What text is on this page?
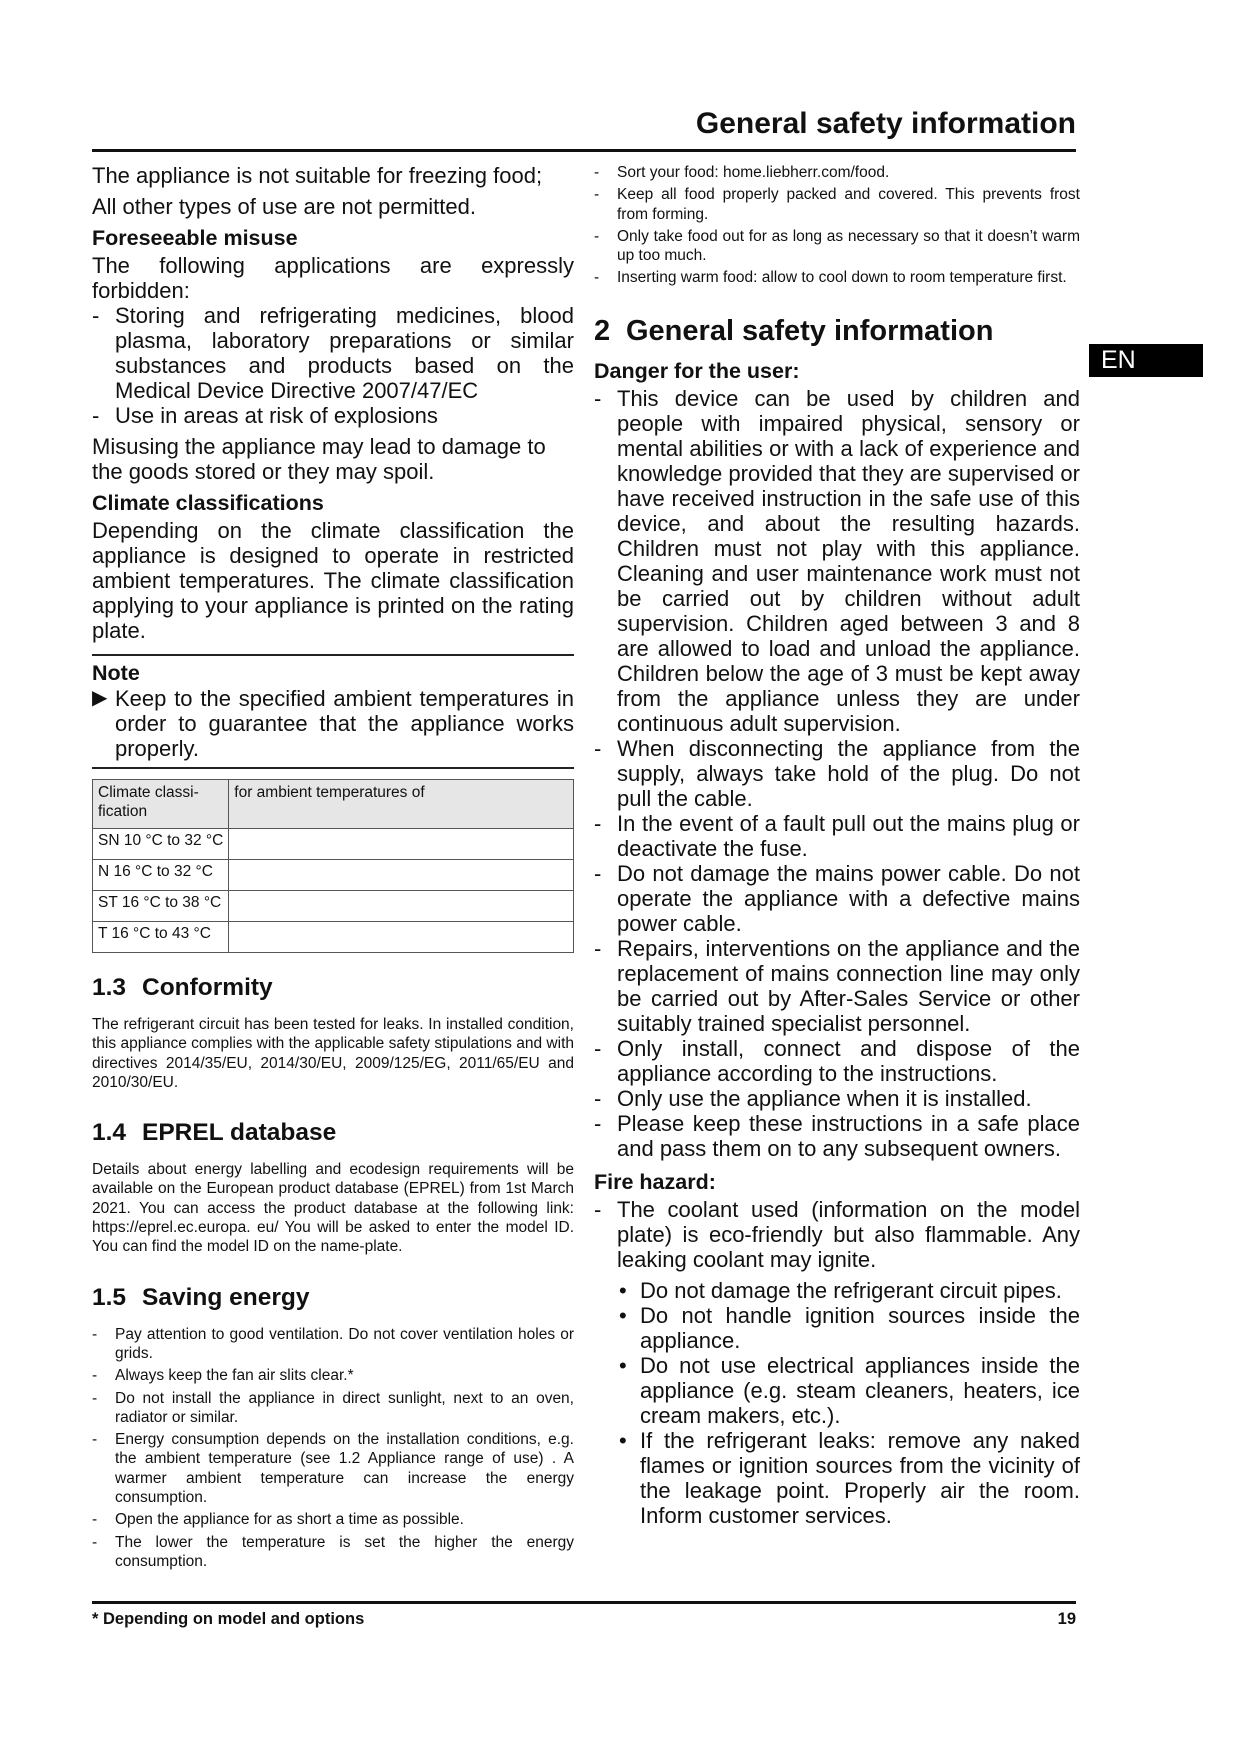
General safety information
EN

The appliance is not suitable for freezing food;

All other types of use are not permitted.

Foreseeable misuse

The following applications are expressly forbidden:

- Storing and refrigerating medicines, blood plasma, laboratory preparations or similar substances and products based on the Medical Device Directive 2007/47/EC
- Use in areas at risk of explosions

Misusing the appliance may lead to damage to the goods stored or they may spoil.

Climate classifications

Depending on the climate classification the appliance is designed to operate in restricted ambient temperatures. The climate classification applying to your appliance is printed on the rating plate.

Note
▶ Keep to the specified ambient temperatures in order to guarantee that the appliance works properly.
Climate classi- fication	for ambient temperatures of
SN 10 °C to 32 °C	
N 16 °C to 32 °C	
ST 16 °C to 38 °C	
T 16 °C to 43 °C	
1.3 Conformity

The refrigerant circuit has been tested for leaks. In installed condition, this appliance complies with the applicable safety stipulations and with directives 2014/35/EU, 2014/30/EU, 2009/125/EG, 2011/65/EU and 2010/30/EU.

1.4 EPREL database

Details about energy labelling and ecodesign requirements will be available on the European product database (EPREL) from 1st March 2021. You can access the product database at the following link: https://eprel.ec.europa. eu/ You will be asked to enter the model ID. You can find the model ID on the name-plate.

1.5 Saving energy
- Pay attention to good ventilation. Do not cover ventilation holes or grids.
- Always keep the fan air slits clear.*
- Do not install the appliance in direct sunlight, next to an oven, radiator or similar.
- Energy consumption depends on the installation conditions, e.g. the ambient temperature (see 1.2 Appliance range of use) . A warmer ambient temperature can increase the energy consumption.
- Open the appliance for as short a time as possible.
- The lower the temperature is set the higher the energy consumption.
- Sort your food: home.liebherr.com/food.
- Keep all food properly packed and covered. This prevents frost from forming.
- Only take food out for as long as necessary so that it doesn’t warm up too much.
- Inserting warm food: allow to cool down to room temperature first.
2 General safety information
Danger for the user:
- This device can be used by children and people with impaired physical, sensory or mental abilities or with a lack of experience and knowledge provided that they are supervised or have received instruction in the safe use of this device, and about the resulting hazards. Children must not play with this appliance. Cleaning and user maintenance work must not be carried out by children without adult supervision. Children aged between 3 and 8 are allowed to load and unload the appliance. Children below the age of 3 must be kept away from the appliance unless they are under continuous adult supervision.
- When disconnecting the appliance from the supply, always take hold of the plug. Do not pull the cable.
- In the event of a fault pull out the mains plug or deactivate the fuse.
- Do not damage the mains power cable. Do not operate the appliance with a defective mains power cable.
- Repairs, interventions on the appliance and the replacement of mains connection line may only be carried out by After-Sales Service or other suitably trained specialist personnel.
- Only install, connect and dispose of the appliance according to the instructions.
- Only use the appliance when it is installed.
- Please keep these instructions in a safe place and pass them on to any subsequent owners.
Fire hazard:
- The coolant used (information on the model plate) is eco-friendly but also flammable. Any leaking coolant may ignite.
• Do not damage the refrigerant circuit pipes.
• Do not handle ignition sources inside the appliance.
• Do not use electrical appliances inside the appliance (e.g. steam cleaners, heaters, ice cream makers, etc.).
• If the refrigerant leaks: remove any naked flames or ignition sources from the vicinity of the leakage point. Properly air the room. Inform customer services.
* Depending on model and options	19
